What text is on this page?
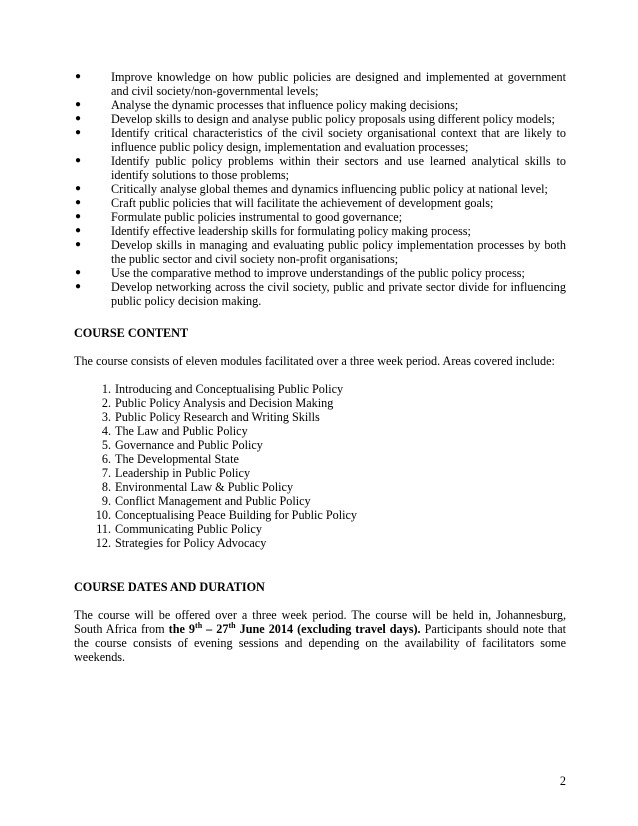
● Improve knowledge on how public policies are designed and implemented at government and civil society/non-governmental levels;
● Analyse the dynamic processes that influence policy making decisions;
● Develop skills to design and analyse public policy proposals using different policy models;
● Identify critical characteristics of the civil society organisational context that are likely to influence public policy design, implementation and evaluation processes;
● Identify public policy problems within their sectors and use learned analytical skills to identify solutions to those problems;
● Critically analyse global themes and dynamics influencing public policy at national level;
● Craft public policies that will facilitate the achievement of development goals;
● Formulate public policies instrumental to good governance;
● Identify effective leadership skills for formulating policy making process;
● Develop skills in managing and evaluating public policy implementation processes by both the public sector and civil society non-profit organisations;
● Use the comparative method to improve understandings of the public policy process;
● Develop networking across the civil society, public and private sector divide for influencing public policy decision making.
COURSE CONTENT

The course consists of eleven modules facilitated over a three week period. Areas covered include:

1. Introducing and Conceptualising Public Policy
2. Public Policy Analysis and Decision Making
3. Public Policy Research and Writing Skills
4. The Law and Public Policy
5. Governance and Public Policy
6. The Developmental State
7. Leadership in Public Policy
8. Environmental Law & Public Policy
9. Conflict Management and Public Policy
10. Conceptualising Peace Building for Public Policy
11. Communicating Public Policy
12. Strategies for Policy Advocacy
COURSE DATES AND DURATION

The course will be offered over a three week period. The course will be held in, Johannesburg, South Africa from the 9th – 27th June 2014 (excluding travel days). Participants should note that the course consists of evening sessions and depending on the availability of facilitators some weekends.

2
